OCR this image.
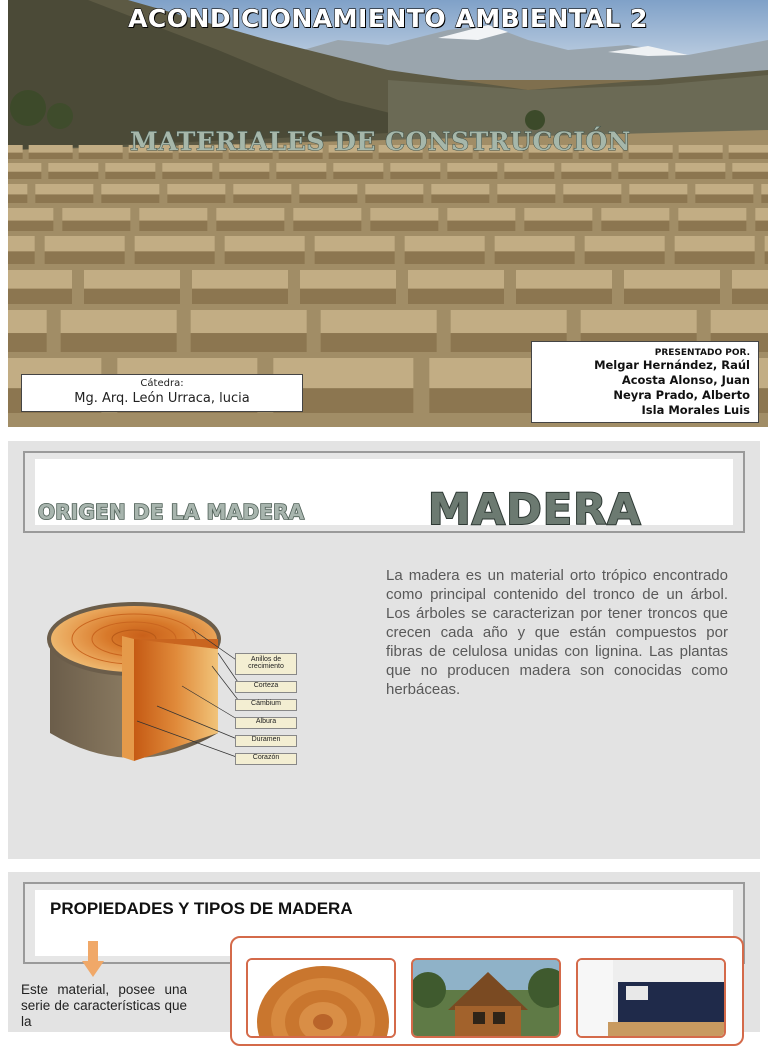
ACONDICIONAMIENTO AMBIENTAL 2
MATERIALES DE CONSTRUCCIÓN
Cátedra:
Mg. Arq. León Urraca, lucia
PRESENTADO POR.
Melgar Hernández, Raúl
Acosta Alonso, Juan
Neyra Prado, Alberto
Isla Morales Luis
ORIGEN DE LA MADERA	MADERA
Anillos de crecimiento
Corteza
Cámbium
Albura
Duramen
Corazón
La madera es un material orto trópico encontrado como principal contenido del tronco de un árbol. Los árboles se caracterizan por tener troncos que crecen cada año y que están compuestos por fibras de celulosa unidas con lignina. Las plantas que no producen madera son conocidas como herbáceas.
PROPIEDADES Y TIPOS DE MADERA
Este material, posee una serie de características que la
